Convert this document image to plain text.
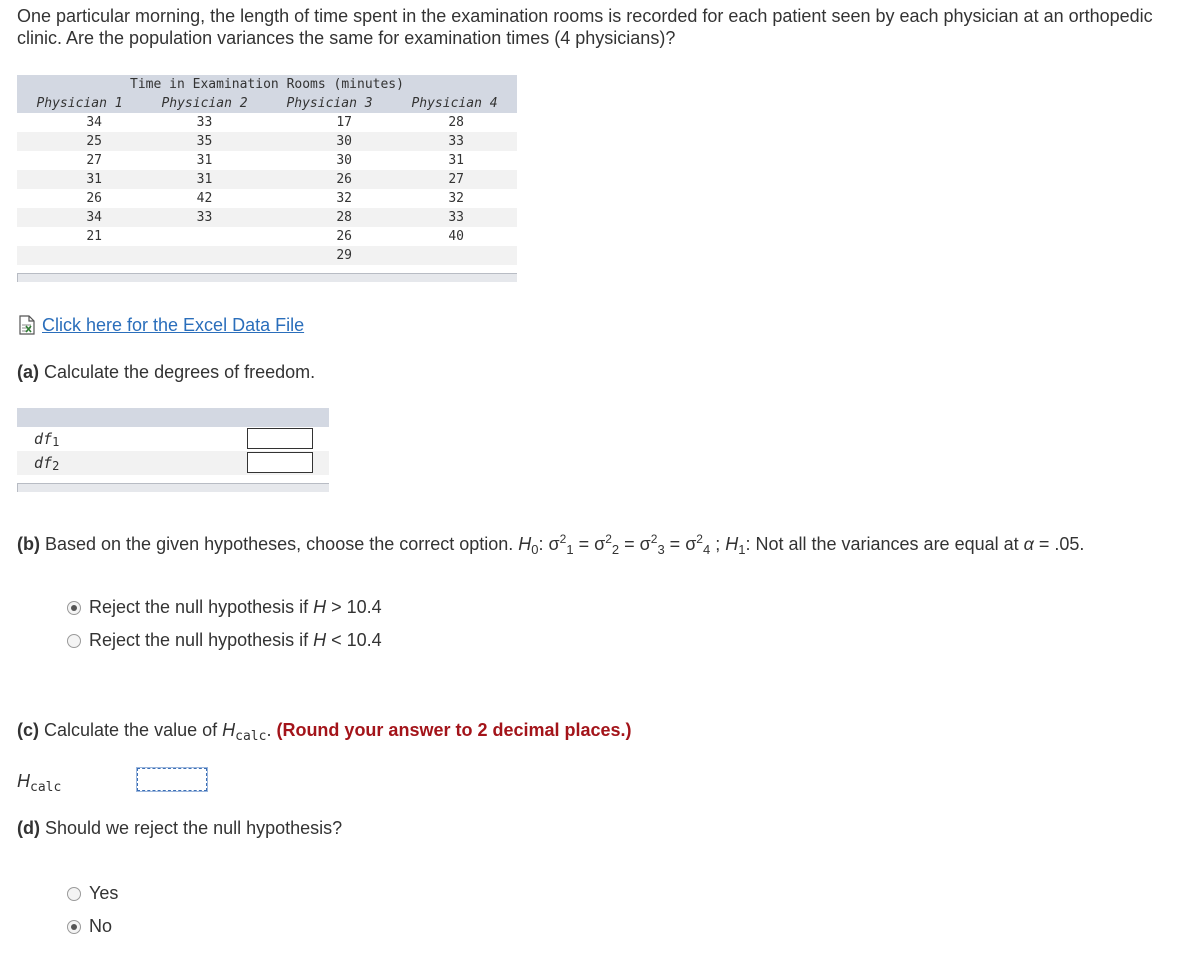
One particular morning, the length of time spent in the examination rooms is recorded for each patient seen by each physician at an orthopedic clinic. Are the population variances the same for examination times (4 physicians)?
Time in Examination Rooms (minutes)			
Physician 1	Physician 2	Physician 3	Physician 4
34	33	17	28
25	35	30	33
27	31	30	31
31	31	26	27
26	42	32	32
34	33	28	33
21		26	40
		29	
Click here for the Excel Data File
(a) Calculate the degrees of freedom.
df1
df2
(b) Based on the given hypotheses, choose the correct option. $H_0$: $\sigma^2_1 = \sigma^2_2 = \sigma^2_3 = \sigma^2_4$ ; $H_1$: Not all the variances are equal at α = .05.
Reject the null hypothesis if H > 10.4
Reject the null hypothesis if H < 10.4
(c) Calculate the value of $H_{calc}$. (Round your answer to 2 decimal places.)
$H_{calc}$
(d) Should we reject the null hypothesis?
Yes
No
